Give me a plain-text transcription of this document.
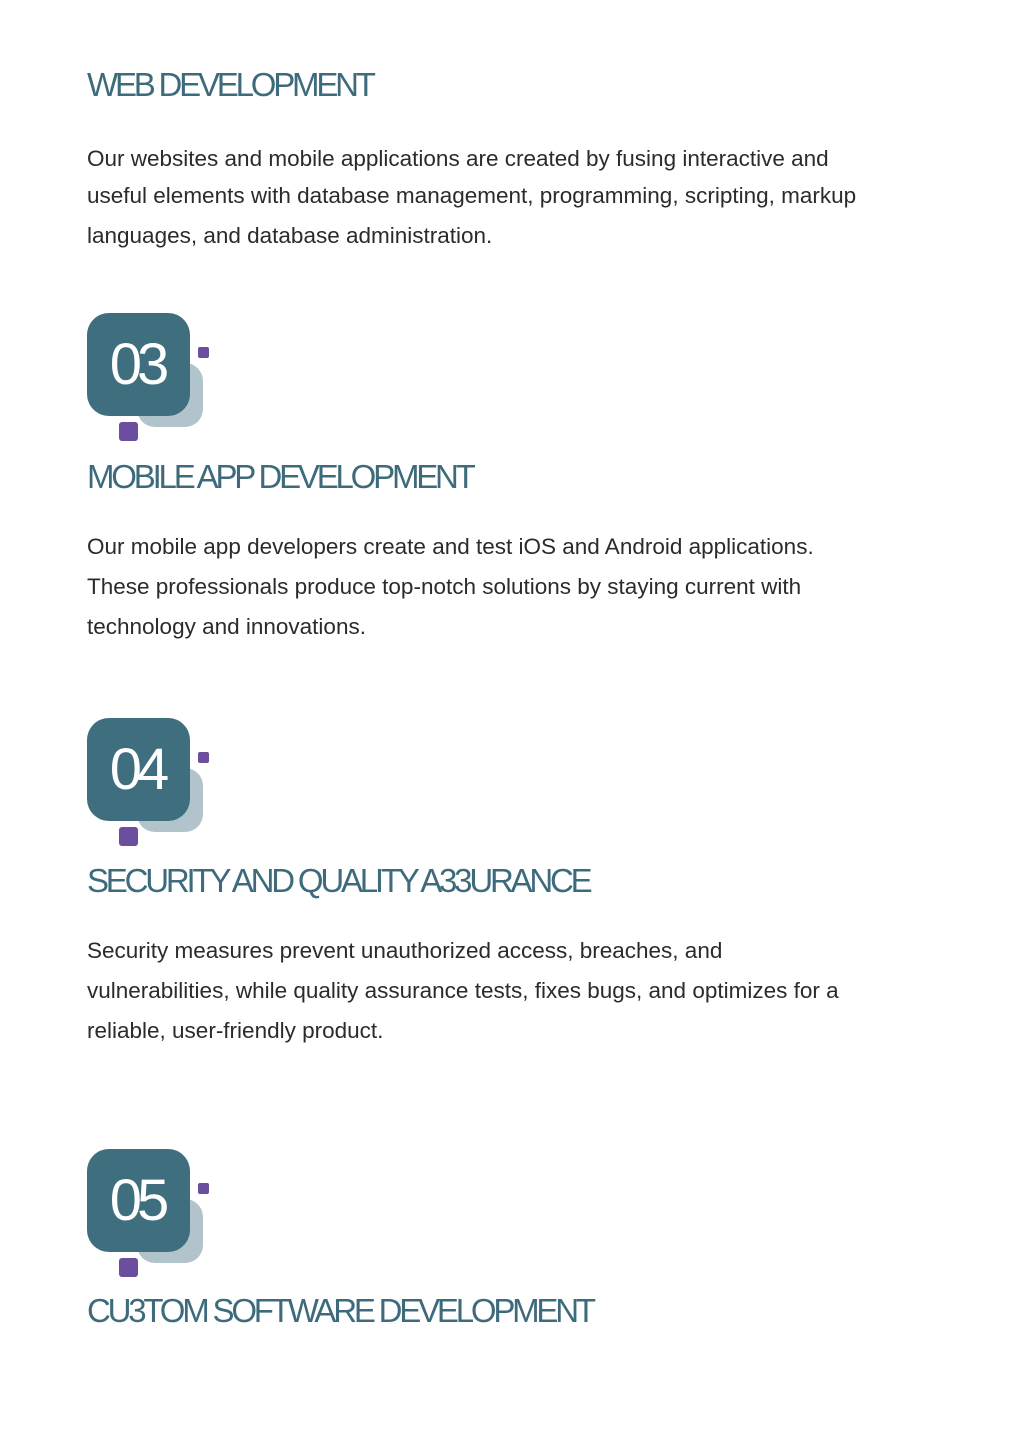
WEB DEVELOPMENT
Our websites and mobile applications are created by fusing interactive and
useful elements with database management, programming, scripting, markup
languages, and database administration.
03
MOBILE APP DEVELOPMENT
Our mobile app developers create and test iOS and Android applications.
These professionals produce top-notch solutions by staying current with
technology and innovations.
04
SECURITY AND QUALITY A33URANCE
Security measures prevent unauthorized access, breaches, and
vulnerabilities, while quality assurance tests, fixes bugs, and optimizes for a
reliable, user-friendly product.
05
CU3TOM SOFTWARE DEVELOPMENT
